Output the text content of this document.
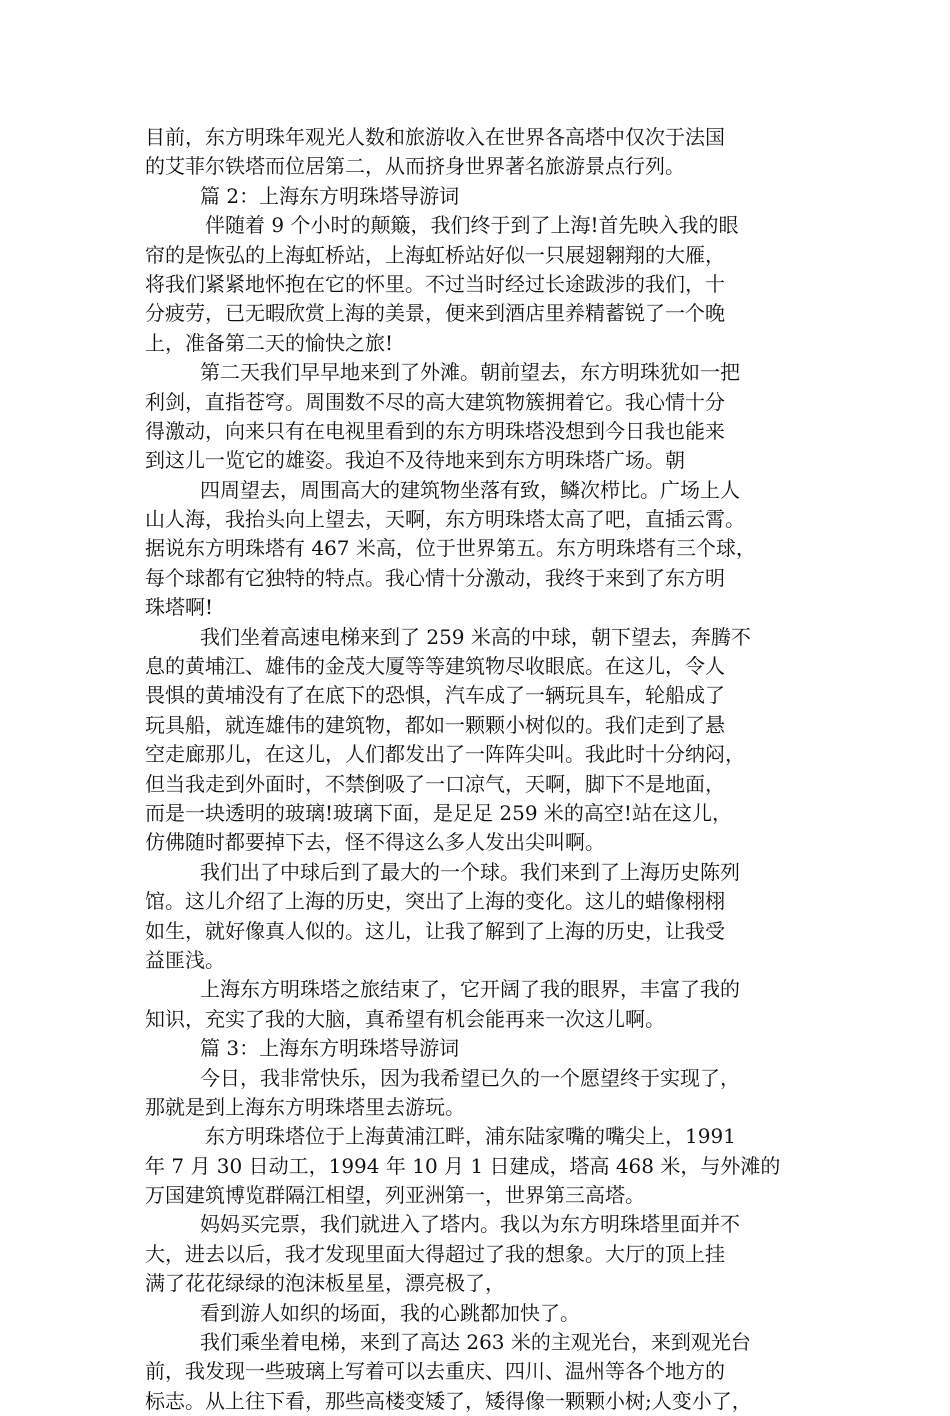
目前，东方明珠年观光人数和旅游收入在世界各高塔中仅次于法国
的艾菲尔铁塔而位居第二，从而挤身世界著名旅游景点行列。
篇 2：上海东方明珠塔导游词
伴随着 9 个小时的颠簸，我们终于到了上海!首先映入我的眼
帘的是恢弘的上海虹桥站，上海虹桥站好似一只展翅翱翔的大雁，
将我们紧紧地怀抱在它的怀里。不过当时经过长途跋涉的我们，十
分疲劳，已无暇欣赏上海的美景，便来到酒店里养精蓄锐了一个晚
上，准备第二天的愉快之旅!
第二天我们早早地来到了外滩。朝前望去，东方明珠犹如一把
利剑，直指苍穹。周围数不尽的高大建筑物簇拥着它。我心情十分
得激动，向来只有在电视里看到的东方明珠塔没想到今日我也能来
到这儿一览它的雄姿。我迫不及待地来到东方明珠塔广场。朝
四周望去，周围高大的建筑物坐落有致，鳞次栉比。广场上人
山人海，我抬头向上望去，天啊，东方明珠塔太高了吧，直插云霄。
据说东方明珠塔有 467 米高，位于世界第五。东方明珠塔有三个球，
每个球都有它独特的特点。我心情十分激动，我终于来到了东方明
珠塔啊!
我们坐着高速电梯来到了 259 米高的中球，朝下望去，奔腾不
息的黄埔江、雄伟的金茂大厦等等建筑物尽收眼底。在这儿，令人
畏惧的黄埔没有了在底下的恐惧，汽车成了一辆玩具车，轮船成了
玩具船，就连雄伟的建筑物，都如一颗颗小树似的。我们走到了悬
空走廊那儿，在这儿，人们都发出了一阵阵尖叫。我此时十分纳闷，
但当我走到外面时，不禁倒吸了一口凉气，天啊，脚下不是地面，
而是一块透明的玻璃!玻璃下面，是足足 259 米的高空!站在这儿，
仿佛随时都要掉下去，怪不得这么多人发出尖叫啊。
我们出了中球后到了最大的一个球。我们来到了上海历史陈列
馆。这儿介绍了上海的历史，突出了上海的变化。这儿的蜡像栩栩
如生，就好像真人似的。这儿，让我了解到了上海的历史，让我受
益匪浅。
上海东方明珠塔之旅结束了，它开阔了我的眼界，丰富了我的
知识，充实了我的大脑，真希望有机会能再来一次这儿啊。
篇 3：上海东方明珠塔导游词
今日，我非常快乐，因为我希望已久的一个愿望终于实现了，
那就是到上海东方明珠塔里去游玩。
东方明珠塔位于上海黄浦江畔，浦东陆家嘴的嘴尖上，1991
年 7 月 30 日动工，1994 年 10 月 1 日建成，塔高 468 米，与外滩的
万国建筑博览群隔江相望，列亚洲第一，世界第三高塔。
妈妈买完票，我们就进入了塔内。我以为东方明珠塔里面并不
大，进去以后，我才发现里面大得超过了我的想象。大厅的顶上挂
满了花花绿绿的泡沫板星星，漂亮极了，
看到游人如织的场面，我的心跳都加快了。
我们乘坐着电梯，来到了高达 263 米的主观光台，来到观光台
前，我发现一些玻璃上写着可以去重庆、四川、温州等各个地方的
标志。从上往下看，那些高楼变矮了，矮得像一颗颗小树;人变小了，
